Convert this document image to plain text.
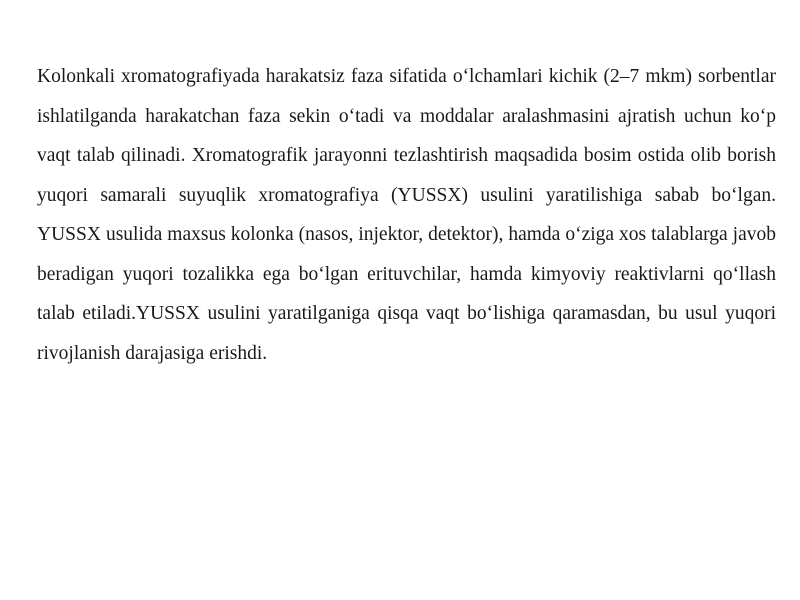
Kolonkali xromatografiyada harakatsiz faza sifatida o‘lchamlari kichik (2–7 mkm) sorbentlar ishlatilganda harakatchan faza sekin o‘tadi va moddalar aralashmasini ajratish uchun ko‘p vaqt talab qilinadi. Xromatografik jarayonni tezlashtirish maqsadida bosim ostida olib borish yuqori samarali suyuqlik xromatografiya (YUSSX) usulini yaratilishiga sabab bo‘lgan. YUSSX usulida maxsus kolonka (nasos, injektor, detektor), hamda o‘ziga xos talablarga javob beradigan yuqori tozalikka ega bo‘lgan erituvchilar, hamda kimyoviy reaktivlarni qo‘llash talab etiladi.YUSSX usulini yaratilganiga qisqa vaqt bo‘lishiga qaramasdan, bu usul yuqori rivojlanish darajasiga erishdi.
